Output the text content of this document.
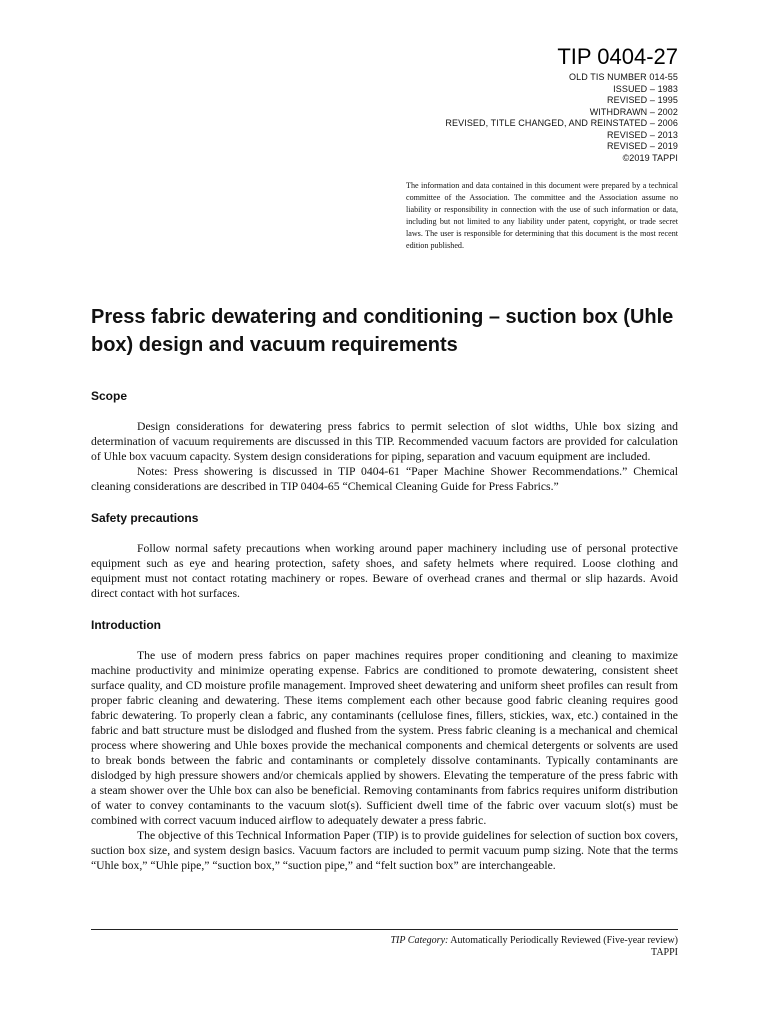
TIP 0404-27
OLD TIS NUMBER 014-55
ISSUED – 1983
REVISED – 1995
WITHDRAWN – 2002
REVISED, TITLE CHANGED, AND REINSTATED – 2006
REVISED – 2013
REVISED – 2019
©2019 TAPPI

The information and data contained in this document were prepared by a technical committee of the Association. The committee and the Association assume no liability or responsibility in connection with the use of such information or data, including but not limited to any liability under patent, copyright, or trade secret laws. The user is responsible for determining that this document is the most recent edition published.

Press fabric dewatering and conditioning – suction box (Uhle box) design and vacuum requirements
Scope

Design considerations for dewatering press fabrics to permit selection of slot widths, Uhle box sizing and determination of vacuum requirements are discussed in this TIP. Recommended vacuum factors are provided for calculation of Uhle box vacuum capacity. System design considerations for piping, separation and vacuum equipment are included.

Notes: Press showering is discussed in TIP 0404-61 “Paper Machine Shower Recommendations.” Chemical cleaning considerations are described in TIP 0404-65 “Chemical Cleaning Guide for Press Fabrics.”

Safety precautions

Follow normal safety precautions when working around paper machinery including use of personal protective equipment such as eye and hearing protection, safety shoes, and safety helmets where required. Loose clothing and equipment must not contact rotating machinery or ropes. Beware of overhead cranes and thermal or slip hazards. Avoid direct contact with hot surfaces.

Introduction

The use of modern press fabrics on paper machines requires proper conditioning and cleaning to maximize machine productivity and minimize operating expense. Fabrics are conditioned to promote dewatering, consistent sheet surface quality, and CD moisture profile management. Improved sheet dewatering and uniform sheet profiles can result from proper fabric cleaning and dewatering. These items complement each other because good fabric cleaning requires good fabric dewatering. To properly clean a fabric, any contaminants (cellulose fines, fillers, stickies, wax, etc.) contained in the fabric and batt structure must be dislodged and flushed from the system. Press fabric cleaning is a mechanical and chemical process where showering and Uhle boxes provide the mechanical components and chemical detergents or solvents are used to break bonds between the fabric and contaminants or completely dissolve contaminants. Typically contaminants are dislodged by high pressure showers and/or chemicals applied by showers. Elevating the temperature of the press fabric with a steam shower over the Uhle box can also be beneficial. Removing contaminants from fabrics requires uniform distribution of water to convey contaminants to the vacuum slot(s). Sufficient dwell time of the fabric over vacuum slot(s) must be combined with correct vacuum induced airflow to adequately dewater a press fabric.

The objective of this Technical Information Paper (TIP) is to provide guidelines for selection of suction box covers, suction box size, and system design basics. Vacuum factors are included to permit vacuum pump sizing. Note that the terms “Uhle box,” “Uhle pipe,” “suction box,” “suction pipe,” and “felt suction box” are interchangeable.

TIP Category: Automatically Periodically Reviewed (Five-year review)
TAPPI
